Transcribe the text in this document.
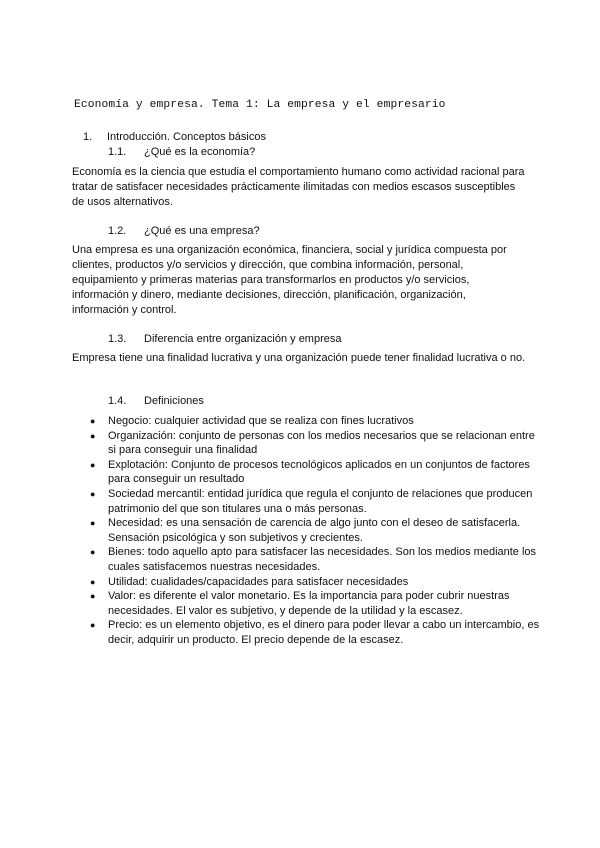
Economía y empresa. Tema 1: La empresa y el empresario
1. Introducción. Conceptos básicos
1.1. ¿Qué es la economía?

Economía es la ciencia que estudia el comportamiento humano como actividad racional para tratar de satisfacer necesidades prácticamente ilimitadas con medios escasos susceptibles de usos alternativos.

1.2. ¿Qué es una empresa?

Una empresa es una organización económica, financiera, social y jurídica compuesta por clientes, productos y/o servicios y dirección, que combina información, personal, equipamiento y primeras materias para transformarlos en productos y/o servicios, información y dinero, mediante decisiones, dirección, planificación, organización, información y control.

1.3. Diferencia entre organización y empresa

Empresa tiene una finalidad lucrativa y una organización puede tener finalidad lucrativa o no.

1.4. Definiciones
● Negocio: cualquier actividad que se realiza con fines lucrativos
● Organización: conjunto de personas con los medios necesarios que se relacionan entre si para conseguir una finalidad
● Explotación: Conjunto de procesos tecnológicos aplicados en un conjuntos de factores para conseguir un resultado
● Sociedad mercantil: entidad jurídica que regula el conjunto de relaciones que producen patrimonio del que son titulares una o más personas.
● Necesidad: es una sensación de carencia de algo junto con el deseo de satisfacerla. Sensación psicológica y son subjetivos y crecientes.
● Bienes: todo aquello apto para satisfacer las necesidades. Son los medios mediante los cuales satisfacemos nuestras necesidades.
● Utilidad: cualidades/capacidades para satisfacer necesidades
● Valor: es diferente el valor monetario. Es la importancia para poder cubrir nuestras necesidades. El valor es subjetivo, y depende de la utilidad y la escasez.
● Precio: es un elemento objetivo, es el dinero para poder llevar a cabo un intercambio, es decir, adquirir un producto. El precio depende de la escasez.
